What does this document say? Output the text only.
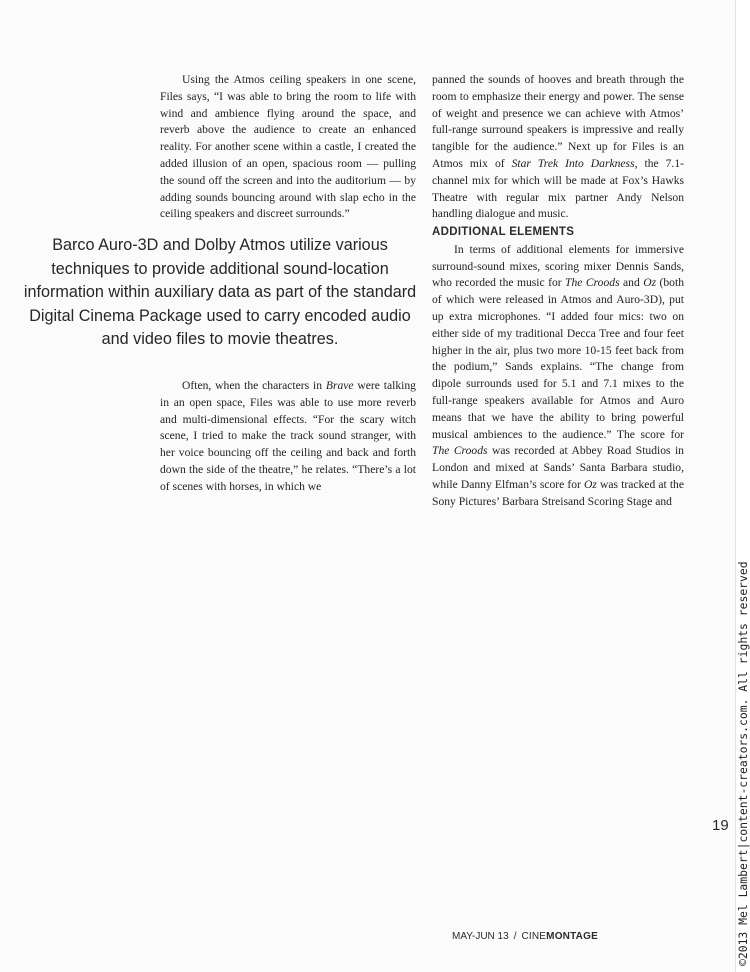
Using the Atmos ceiling speakers in one scene, Files says, “I was able to bring the room to life with wind and ambience flying around the space, and reverb above the audience to create an enhanced reality. For another scene within a castle, I created the added illusion of an open, spacious room — pulling the sound off the screen and into the auditorium — by adding sounds bouncing around with slap echo in the ceiling speakers and discreet surrounds.”

Barco Auro-3D and Dolby Atmos utilize various techniques to provide additional sound-location information within auxiliary data as part of the standard Digital Cinema Package used to carry encoded audio and video files to movie theatres.

Often, when the characters in Brave were talking in an open space, Files was able to use more reverb and multi-dimensional effects. “For the scary witch scene, I tried to make the track sound stranger, with her voice bouncing off the ceiling and back and forth down the side of the theatre,” he relates. “There’s a lot of scenes with horses, in which we

panned the sounds of hooves and breath through the room to emphasize their energy and power. The sense of weight and presence we can achieve with Atmos’ full-range surround speakers is impressive and really tangible for the audience.” Next up for Files is an Atmos mix of Star Trek Into Darkness, the 7.1-channel mix for which will be made at Fox’s Hawks Theatre with regular mix partner Andy Nelson handling dialogue and music.

ADDITIONAL ELEMENTS

In terms of additional elements for immersive surround-sound mixes, scoring mixer Dennis Sands, who recorded the music for The Croods and Oz (both of which were released in Atmos and Auro-3D), put up extra microphones. “I added four mics: two on either side of my traditional Decca Tree and four feet higher in the air, plus two more 10-15 feet back from the podium,” Sands explains. “The change from dipole surrounds used for 5.1 and 7.1 mixes to the full-range speakers available for Atmos and Auro means that we have the ability to bring powerful musical ambiences to the audience.” The score for The Croods was recorded at Abbey Road Studios in London and mixed at Sands’ Santa Barbara studio, while Danny Elfman’s score for Oz was tracked at the Sony Pictures’ Barbara Streisand Scoring Stage and

19
MAY-JUN 13 / CINEMONTAGE	©2013 Mel Lambert|content-creators.com. All rights reserved
